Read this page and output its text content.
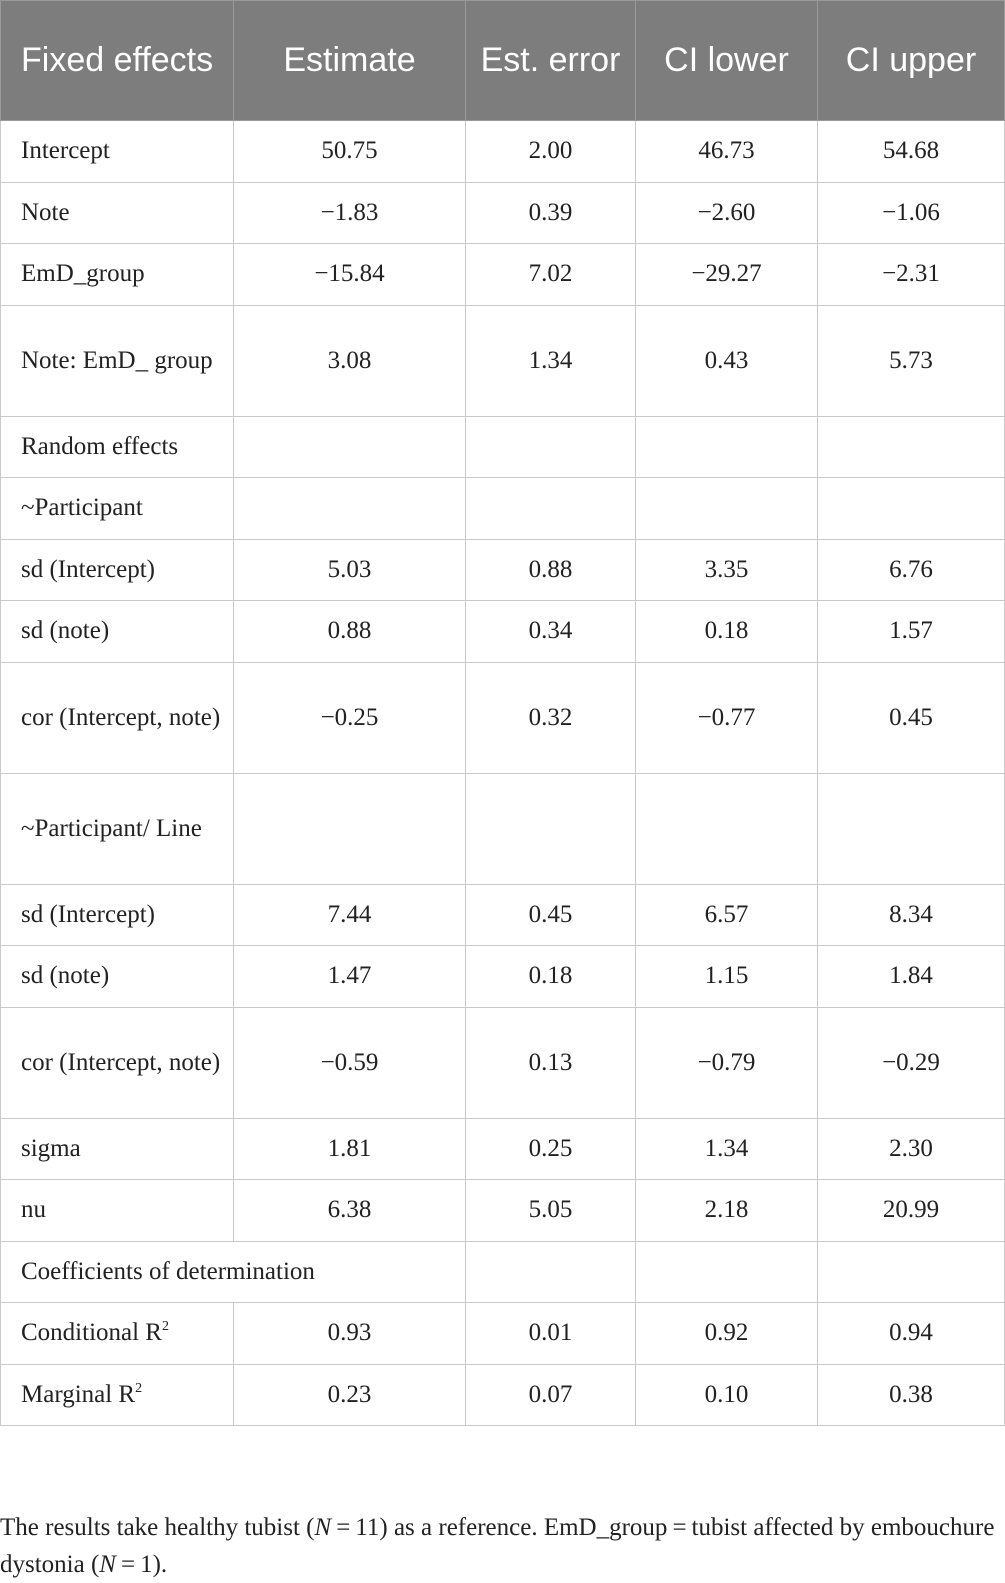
Fixed effects	Estimate	Est. error	CI lower	CI upper
Intercept	50.75	2.00	46.73	54.68
Note	−1.83	0.39	−2.60	−1.06
EmD_group	−15.84	7.02	−29.27	−2.31
Note: EmD_ group	3.08	1.34	0.43	5.73
Random effects				
~Participant				
sd (Intercept)	5.03	0.88	3.35	6.76
sd (note)	0.88	0.34	0.18	1.57
cor (Intercept, note)	−0.25	0.32	−0.77	0.45
~Participant/ Line				
sd (Intercept)	7.44	0.45	6.57	8.34
sd (note)	1.47	0.18	1.15	1.84
cor (Intercept, note)	−0.59	0.13	−0.79	−0.29
sigma	1.81	0.25	1.34	2.30
nu	6.38	5.05	2.18	20.99
Coefficients of determination				
Conditional $R^2$	0.93	0.01	0.92	0.94
Marginal $R^2$	0.23	0.07	0.10	0.38

The results take healthy tubist (N = 11) as a reference. EmD_group = tubist affected by embouchure dystonia (N = 1).
